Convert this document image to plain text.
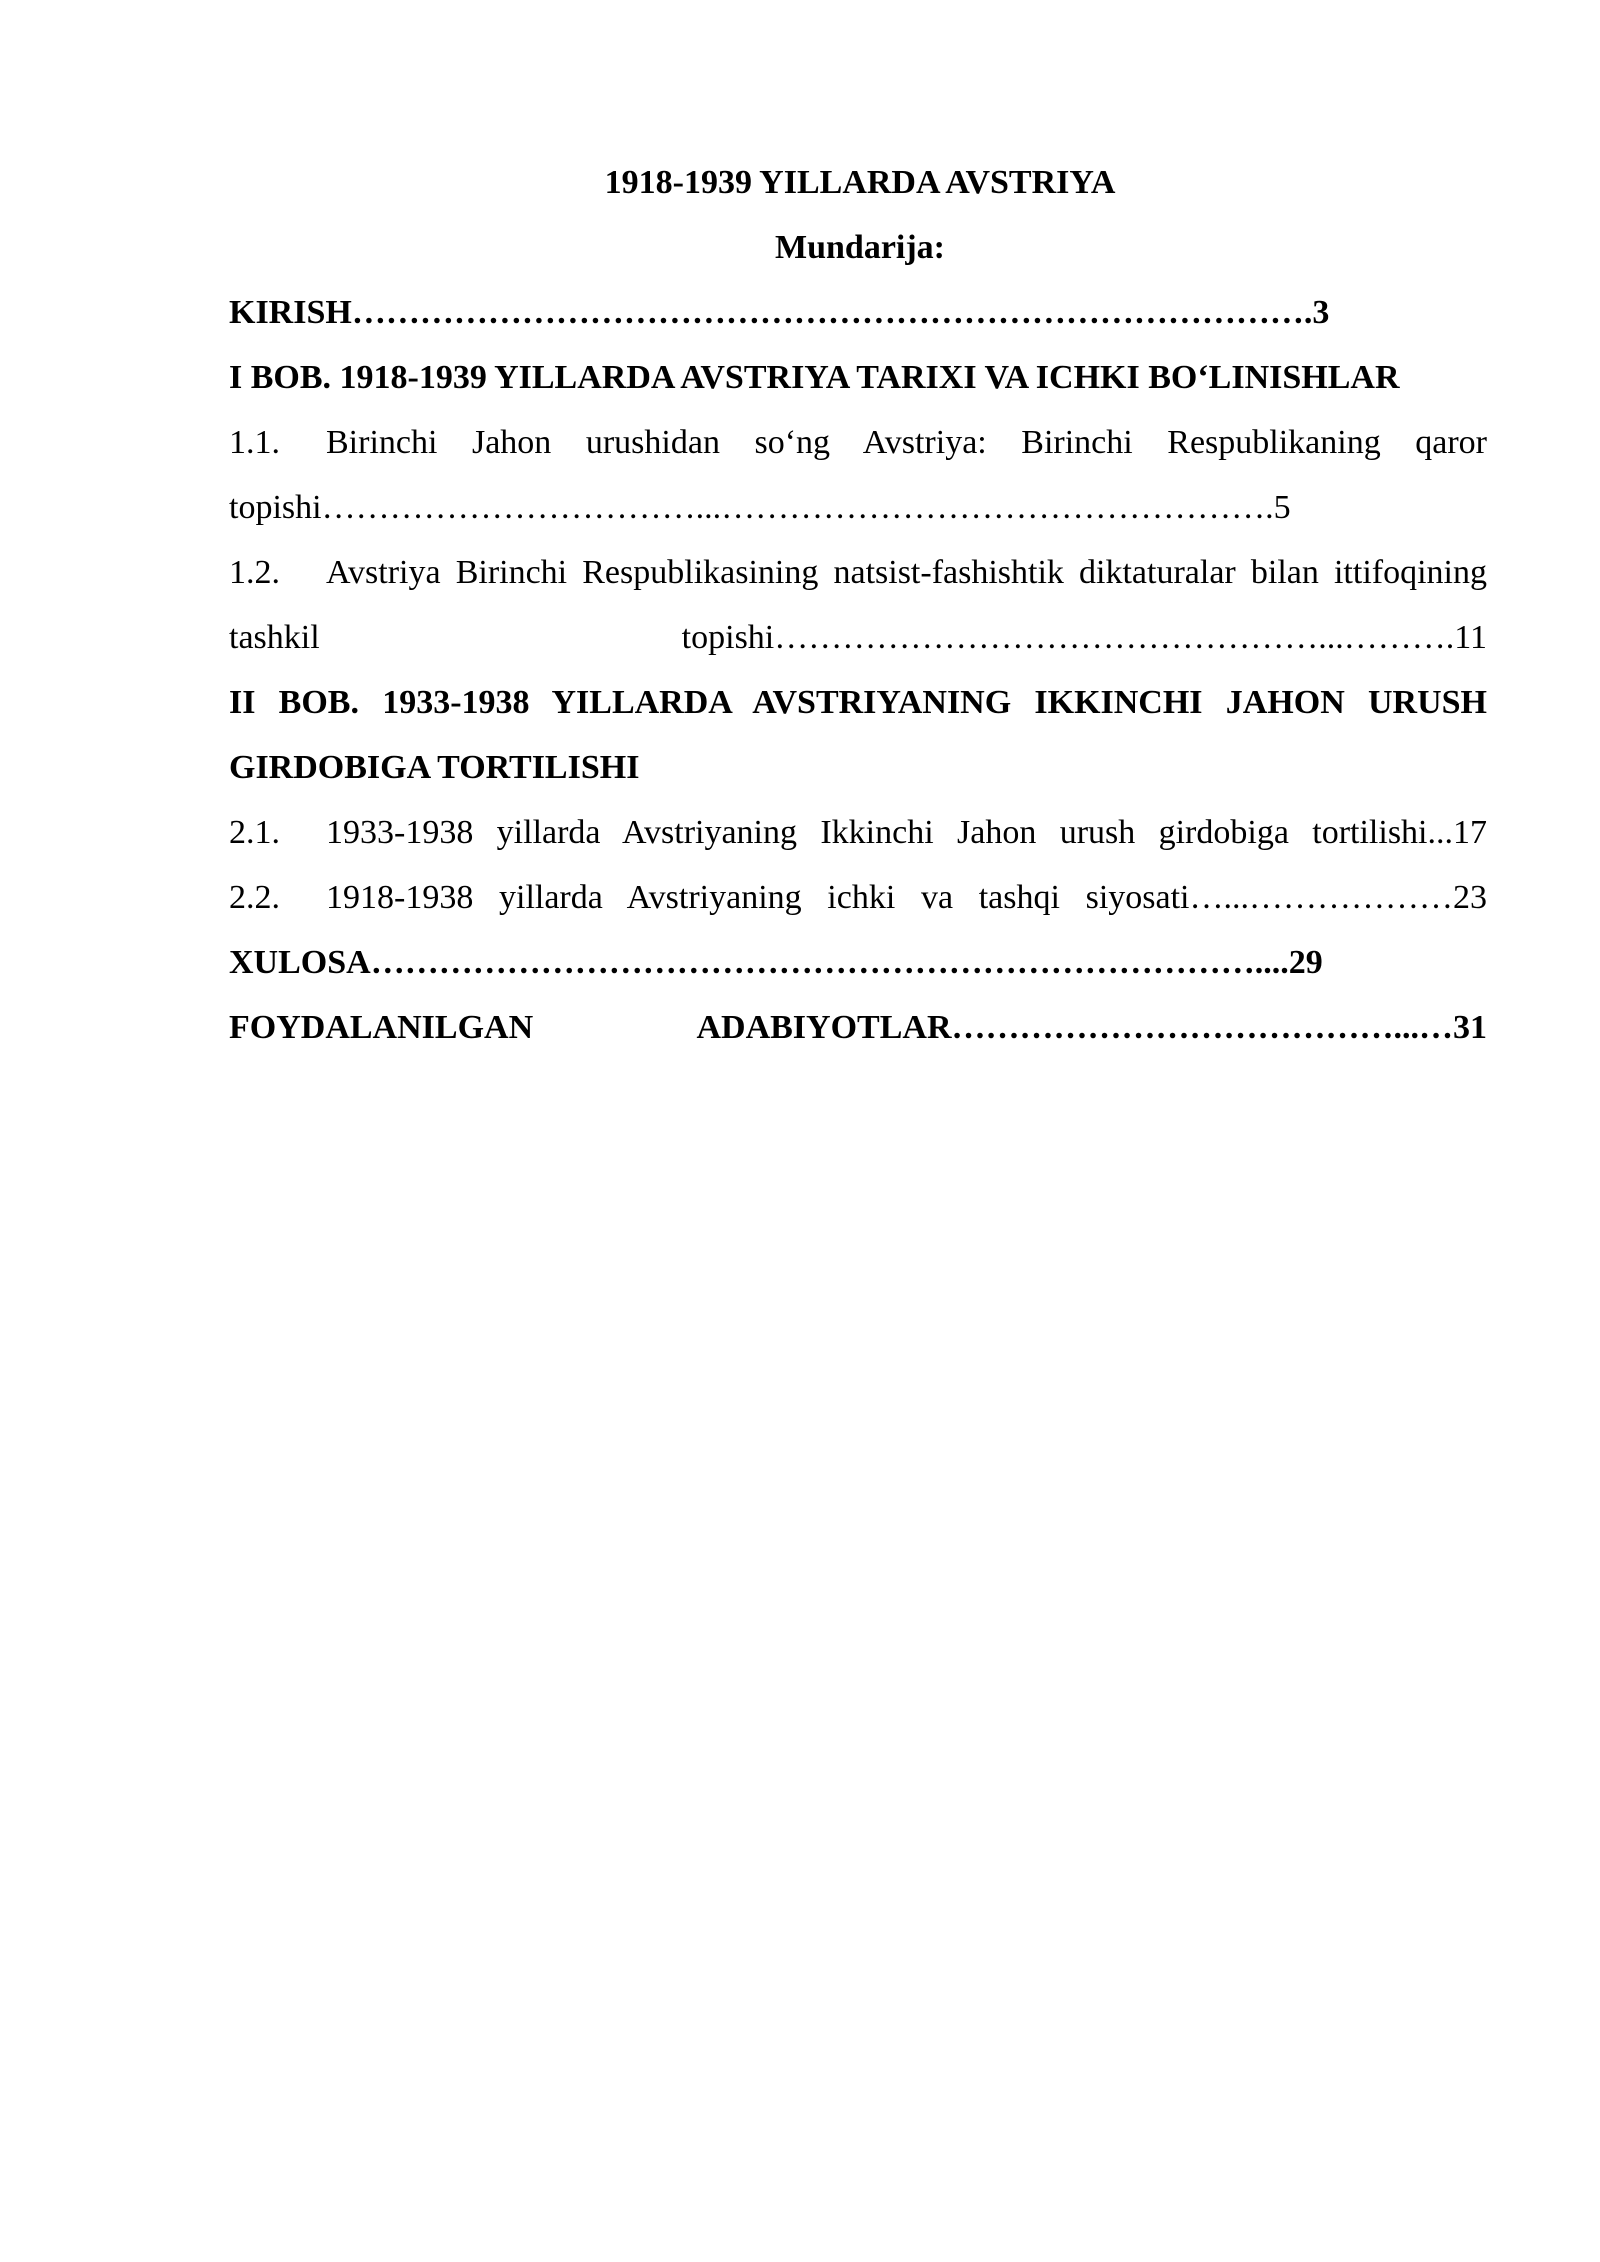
1918-1939 YILLARDA AVSTRIYA

Mundarija:

KIRISH………………………………………………………………………….3

I BOB. 1918-1939 YILLARDA AVSTRIYA TARIXI VA ICHKI BO‘LINISHLAR

1.1. Birinchi Jahon urushidan so‘ng Avstriya: Birinchi Respublikaning qaror topishi……………………………...………………………………………….5

1.2. Avstriya Birinchi Respublikasining natsist-fashishtik diktaturalar bilan ittifoqining tashkil topishi…………………………………………...……….11

II BOB. 1933-1938 YILLARDA AVSTRIYANING IKKINCHI JAHON URUSH GIRDOBIGA TORTILISHI

2.1. 1933-1938 yillarda Avstriyaning Ikkinchi Jahon urush girdobiga tortilishi...17

2.2. 1918-1938 yillarda Avstriyaning ichki va tashqi siyosati…...………………23

XULOSA……………………………………………………………………....29

FOYDALANILGAN ADABIYOTLAR…………………………………...…31
